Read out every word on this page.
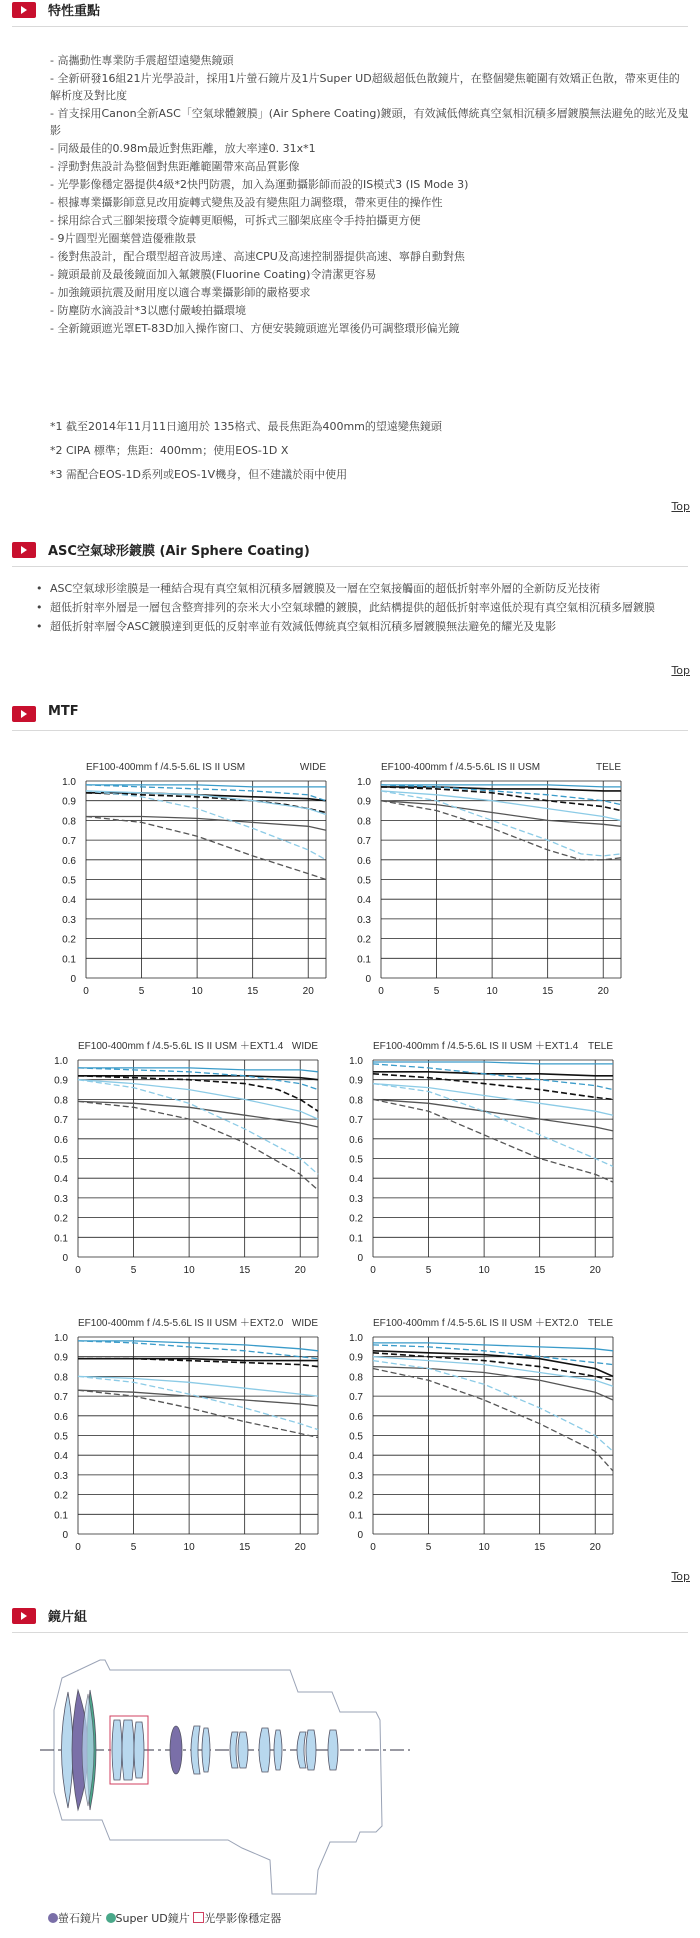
特性重點
- 高攜動性專業防手震超望遠變焦鏡頭
- 全新研發16組21片光學設計，採用1片螢石鏡片及1片Super UD超級超低色散鏡片，在整個變焦範圍有效矯正色散，帶來更佳的解析度及對比度
- 首支採用Canon全新ASC「空氣球體鍍膜」(Air Sphere Coating)鍍頭，有效減低傳統真空氣相沉積多層鍍膜無法避免的眩光及鬼影
- 同級最佳的0.98m最近對焦距離，放大率達0. 31x*1
- 浮動對焦設計為整個對焦距離範圍帶來高品質影像
- 光學影像穩定器提供4級*2快門防震，加入為運動攝影師而設的IS模式3 (IS Mode 3)
- 根據專業攝影師意見改用旋轉式變焦及設有變焦阻力調整環，帶來更佳的操作性
- 採用綜合式三腳架接環令旋轉更順暢，可拆式三腳架底座令手持拍攝更方便
- 9片圓型光圈葉營造優雅散景
- 後對焦設計，配合環型超音波馬達、高速CPU及高速控制器提供高速、寧靜自動對焦
- 鏡頭最前及最後鏡面加入氟鍍膜(Fluorine Coating)令清潔更容易
- 加強鏡頭抗震及耐用度以適合專業攝影師的嚴格要求
- 防塵防水滴設計*3以應付嚴峻拍攝環境
- 全新鏡頭遮光罩ET-83D加入操作窗口、方便安裝鏡頭遮光罩後仍可調整環形偏光鏡
*1 截至2014年11月11日適用於 135格式、最長焦距為400mm的望遠變焦鏡頭
*2 CIPA 標準；焦距：400mm；使用EOS-1D X
*3 需配合EOS-1D系列或EOS-1V機身，但不建議於雨中使用
Top
ASC空氣球形鍍膜 (Air Sphere Coating)
• ASC空氣球形塗膜是一種結合現有真空氣相沉積多層鍍膜及一層在空氣接觸面的超低折射率外層的全新防反光技術
• 超低折射率外層是一層包含整齊排列的奈米大小空氣球體的鍍膜，此結構提供的超低折射率遠低於現有真空氣相沉積多層鍍膜
• 超低折射率層令ASC鍍膜達到更低的反射率並有效減低傳統真空氣相沉積多層鍍膜無法避免的耀光及鬼影
Top
MTF
EF100-400mm f /4.5-5.6L IS II USM	WIDE
1.0
0.9
0.8
0.7
0.6
0.5
0.4
0.3
0.2
0.1
0
0	5	10	15	20
EF100-400mm f /4.5-5.6L IS II USM	TELE
1.0
0.9
0.8
0.7
0.6
0.5
0.4
0.3
0.2
0.1
0
0	5	10	15	20
EF100-400mm f /4.5-5.6L IS II USM ＋EXT1.4 WIDE
1.0
0.9
0.8
0.7
0.6
0.5
0.4
0.3
0.2
0.1
0
0	5	10	15	20
EF100-400mm f /4.5-5.6L IS II USM ＋EXT1.4 TELE
1.0
0.9
0.8
0.7
0.6
0.5
0.4
0.3
0.2
0.1
0
0	5	10	15	20
EF100-400mm f /4.5-5.6L IS II USM ＋EXT2.0 WIDE
1.0
0.9
0.8
0.7
0.6
0.5
0.4
0.3
0.2
0.1
0
0	5	10	15	20
EF100-400mm f /4.5-5.6L IS II USM ＋EXT2.0 TELE
1.0
0.9
0.8
0.7
0.6
0.5
0.4
0.3
0.2
0.1
0
0	5	10	15	20
Top
鏡片組
螢石鏡片 Super UD鏡片 光學影像穩定器
